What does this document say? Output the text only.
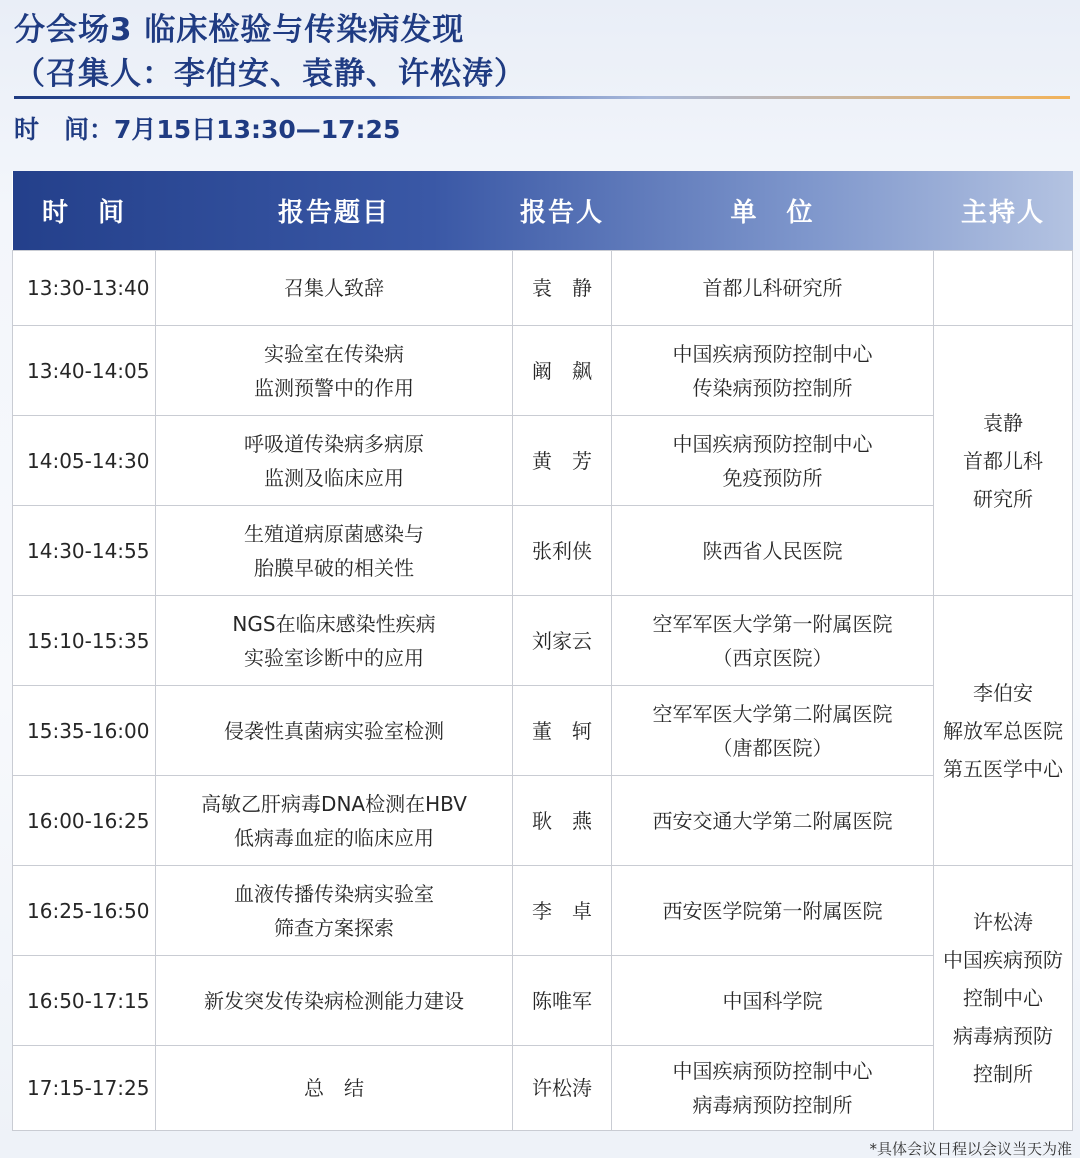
分会场3 临床检验与传染病发现
（召集人：李伯安、袁静、许松涛）
时　间：7月15日13:30—17:25
时　间	报告题目	报告人	单　位	主持人
13:30-13:40	召集人致辞	袁　静	首都儿科研究所	

13:40-14:05	实验室在传染病
监测预警中的作用	阚　飙	中国疾病预防控制中心
传染病预防控制所	袁静
首都儿科
研究所

14:05-14:30	呼吸道传染病多病原
监测及临床应用	黄　芳	中国疾病预防控制中心
免疫预防所	

14:30-14:55	生殖道病原菌感染与
胎膜早破的相关性	张利侠	陕西省人民医院	

15:10-15:35	NGS在临床感染性疾病
实验室诊断中的应用	刘家云	空军军医大学第一附属医院
（西京医院）	李伯安
解放军总医院
第五医学中心

15:35-16:00	侵袭性真菌病实验室检测	董　轲	空军军医大学第二附属医院
（唐都医院）	

16:00-16:25	高敏乙肝病毒DNA检测在HBV
低病毒血症的临床应用	耿　燕	西安交通大学第二附属医院	

16:25-16:50	血液传播传染病实验室
筛查方案探索	李　卓	西安医学院第一附属医院	许松涛
中国疾病预防
控制中心
病毒病预防
控制所

16:50-17:15	新发突发传染病检测能力建设	陈唯军	中国科学院	

17:15-17:25	总　结	许松涛	中国疾病预防控制中心
病毒病预防控制所	
*具体会议日程以会议当天为准
